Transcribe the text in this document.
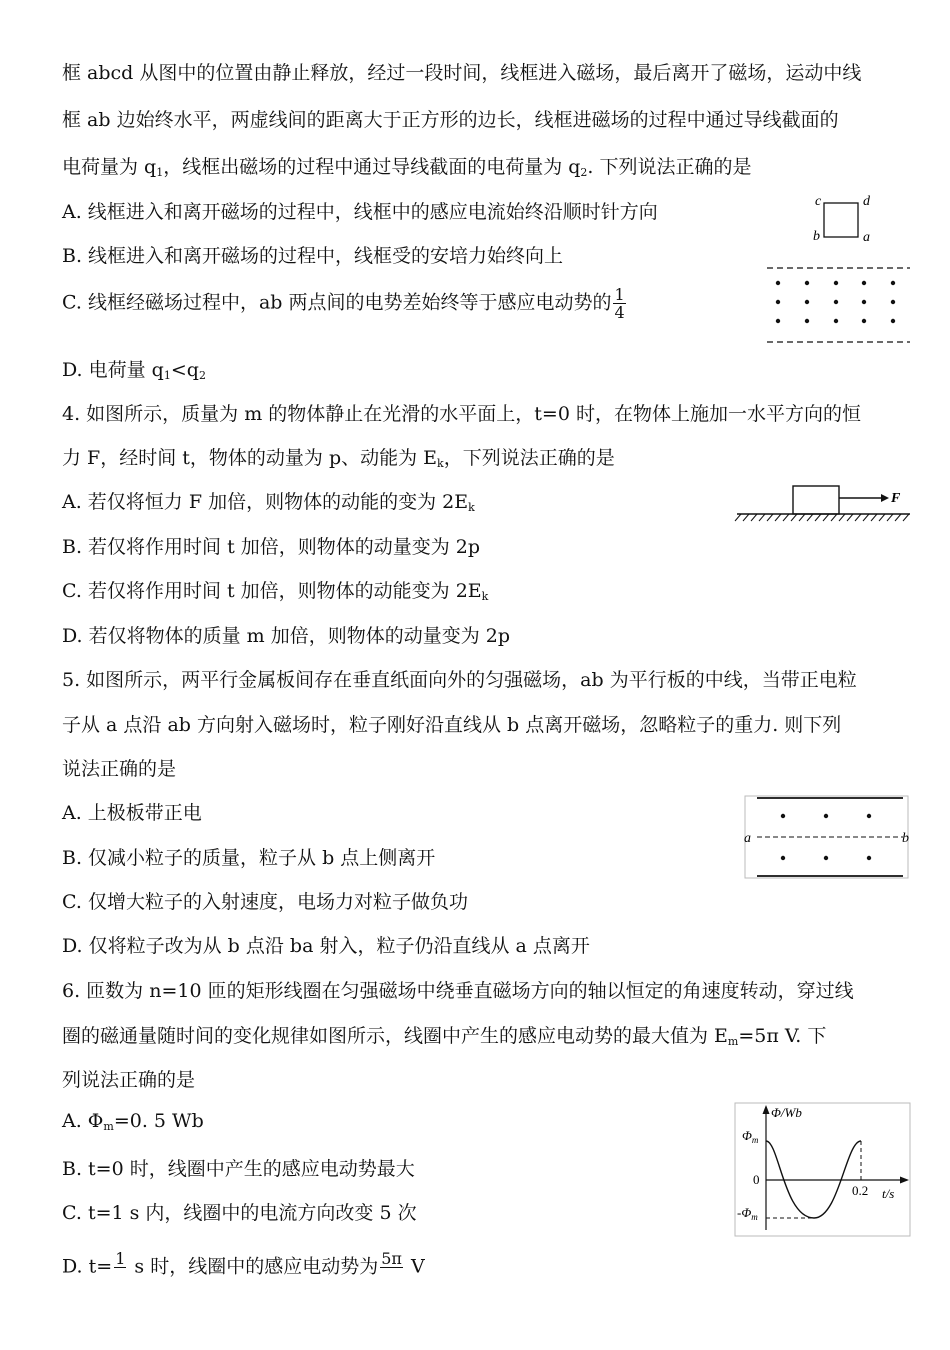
框 abcd 从图中的位置由静止释放，经过一段时间，线框进入磁场，最后离开了磁场，运动中线
框 ab 边始终水平，两虚线间的距离大于正方形的边长，线框进磁场的过程中通过导线截面的
电荷量为 $q_1$，线框出磁场的过程中通过导线截面的电荷量为 $q_2$. 下列说法正确的是
A. 线框进入和离开磁场的过程中，线框中的感应电流始终沿顺时针方向
B. 线框进入和离开磁场的过程中，线框受的安培力始终向上
C. 线框经磁场过程中，ab 两点间的电势差始终等于感应电动势的 $\frac{1}{4}$
D. 电荷量 $q_1<q_2$
c	d
b	a
4. 如图所示，质量为 m 的物体静止在光滑的水平面上，t=0 时，在物体上施加一水平方向的恒
力 F，经时间 t，物体的动量为 p、动能为 $E_k$，下列说法正确的是
A. 若仅将恒力 F 加倍，则物体的动能的变为 $2E_k$
B. 若仅将作用时间 t 加倍，则物体的动量变为 2p
C. 若仅将作用时间 t 加倍，则物体的动能变为 $2E_k$
D. 若仅将物体的质量 m 加倍，则物体的动量变为 2p
F
5. 如图所示，两平行金属板间存在垂直纸面向外的匀强磁场，ab 为平行板的中线，当带正电粒
子从 a 点沿 ab 方向射入磁场时，粒子刚好沿直线从 b 点离开磁场，忽略粒子的重力. 则下列
说法正确的是
A. 上极板带正电
B. 仅减小粒子的质量，粒子从 b 点上侧离开
C. 仅增大粒子的入射速度，电场力对粒子做负功
D. 仅将粒子改为从 b 点沿 ba 射入，粒子仍沿直线从 a 点离开
a	b
6. 匝数为 n=10 匝的矩形线圈在匀强磁场中绕垂直磁场方向的轴以恒定的角速度转动，穿过线
圈的磁通量随时间的变化规律如图所示，线圈中产生的感应电动势的最大值为 $E_m=5\pi$ V. 下
列说法正确的是
A. $\Phi_m=0$. 5 Wb
B. t=0 时，线圈中产生的感应电动势最大
C. t=1 s 内，线圈中的电流方向改变 5 次
D. t= 1
s 时，线圈中的感应电动势为 5π
V
Φ/Wb
$\Phi_m$
0
$-\Phi_m$
0.2 t/s
